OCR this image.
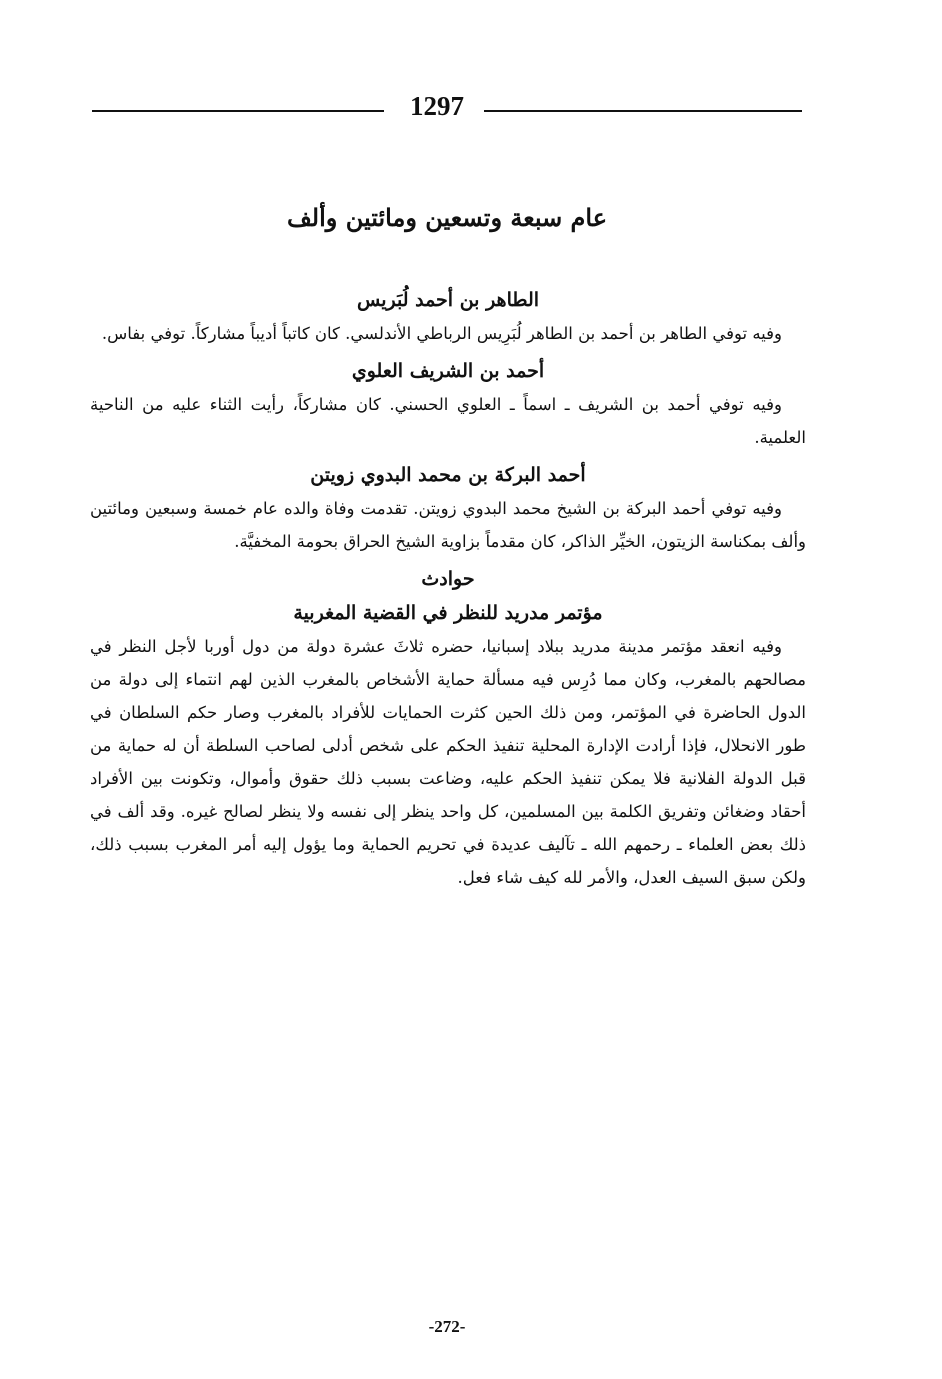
1297
عام سبعة وتسعين ومائتين وألف
الطاهر بن أحمد لُبَريس

وفيه توفي الطاهر بن أحمد بن الطاهر لُبَرِيس الرباطي الأندلسي. كان كاتباً أديباً مشاركاً. توفي بفاس.

أحمد بن الشريف العلوي

وفيه توفي أحمد بن الشريف ـ اسماً ـ العلوي الحسني. كان مشاركاً، رأيت الثناء عليه من الناحية العلمية.

أحمد البركة بن محمد البدوي زويتن

وفيه توفي أحمد البركة بن الشيخ محمد البدوي زويتن. تقدمت وفاة والده عام خمسة وسبعين ومائتين وألف بمكناسة الزيتون، الخيِّر الذاكر، كان مقدماً بزاوية الشيخ الحراق بحومة المخفيَّة.

حوادث
مؤتمر مدريد للنظر في القضية المغربية

وفيه انعقد مؤتمر مدينة مدريد ببلاد إسبانيا، حضره ثلاثَ عشرة دولة من دول أوربا لأجل النظر في مصالحهم بالمغرب، وكان مما دُرِس فيه مسألة حماية الأشخاص بالمغرب الذين لهم انتماء إلى دولة من الدول الحاضرة في المؤتمر، ومن ذلك الحين كثرت الحمايات للأفراد بالمغرب وصار حكم السلطان في طور الانحلال، فإذا أرادت الإدارة المحلية تنفيذ الحكم على شخص أدلى لصاحب السلطة أن له حماية من قبل الدولة الفلانية فلا يمكن تنفيذ الحكم عليه، وضاعت بسبب ذلك حقوق وأموال، وتكونت بين الأفراد أحقاد وضغائن وتفريق الكلمة بين المسلمين، كل واحد ينظر إلى نفسه ولا ينظر لصالح غيره. وقد ألف في ذلك بعض العلماء ـ رحمهم الله ـ تآليف عديدة في تحريم الحماية وما يؤول إليه أمر المغرب بسبب ذلك، ولكن سبق السيف العدل، والأمر لله كيف شاء فعل.

-272-
